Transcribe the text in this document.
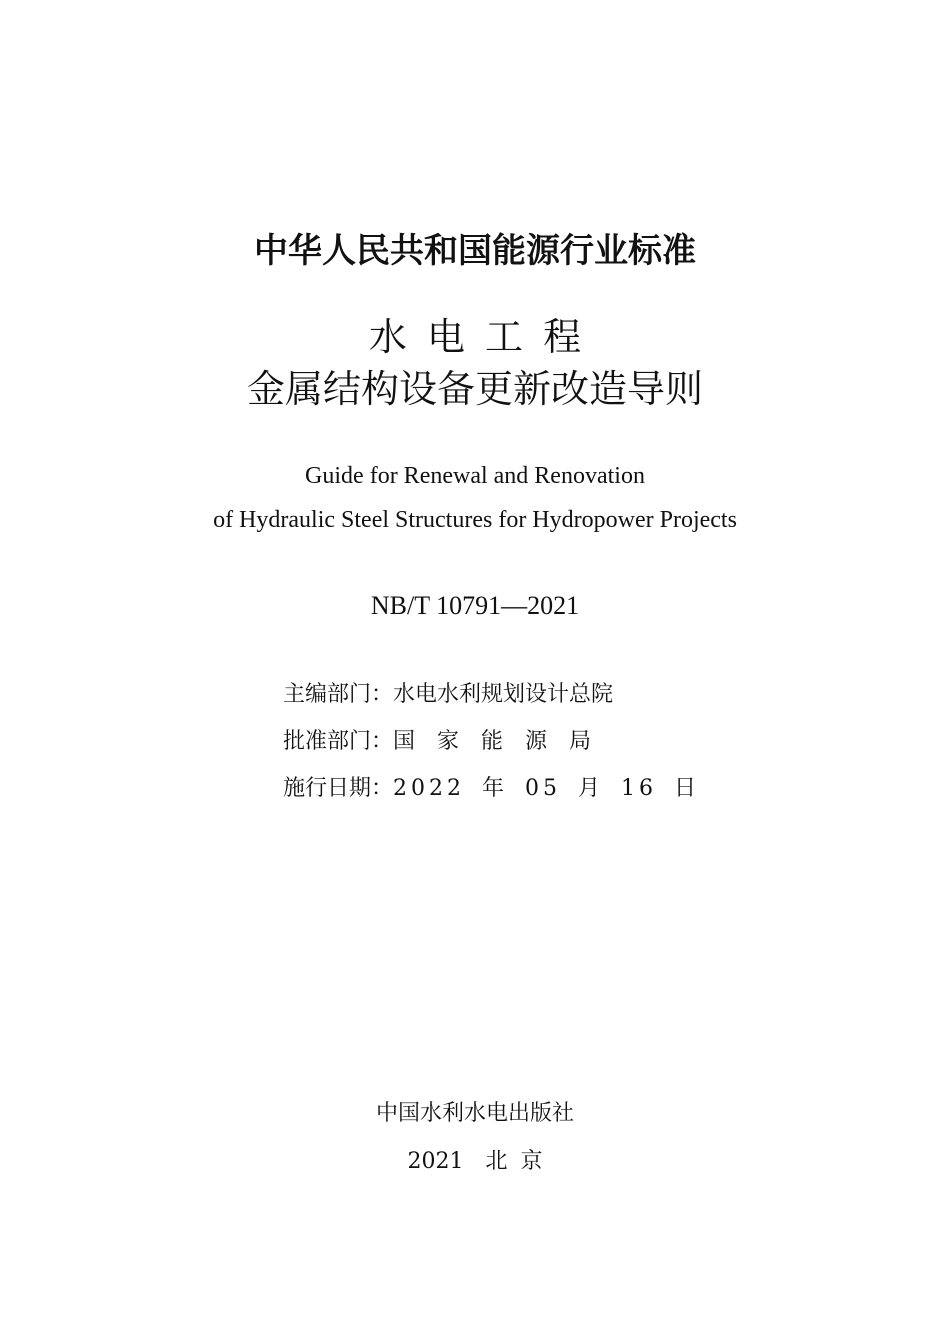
中华人民共和国能源行业标准
水 电 工 程
金属结构设备更新改造导则
Guide for Renewal and Renovation
of Hydraulic Steel Structures for Hydropower Projects
NB/T 10791—2021
主编部门：水电水利规划设计总院
批准部门：国家能源局
施行日期：2022 年 05 月 16 日
中国水利水电出版社
2021　北 京
